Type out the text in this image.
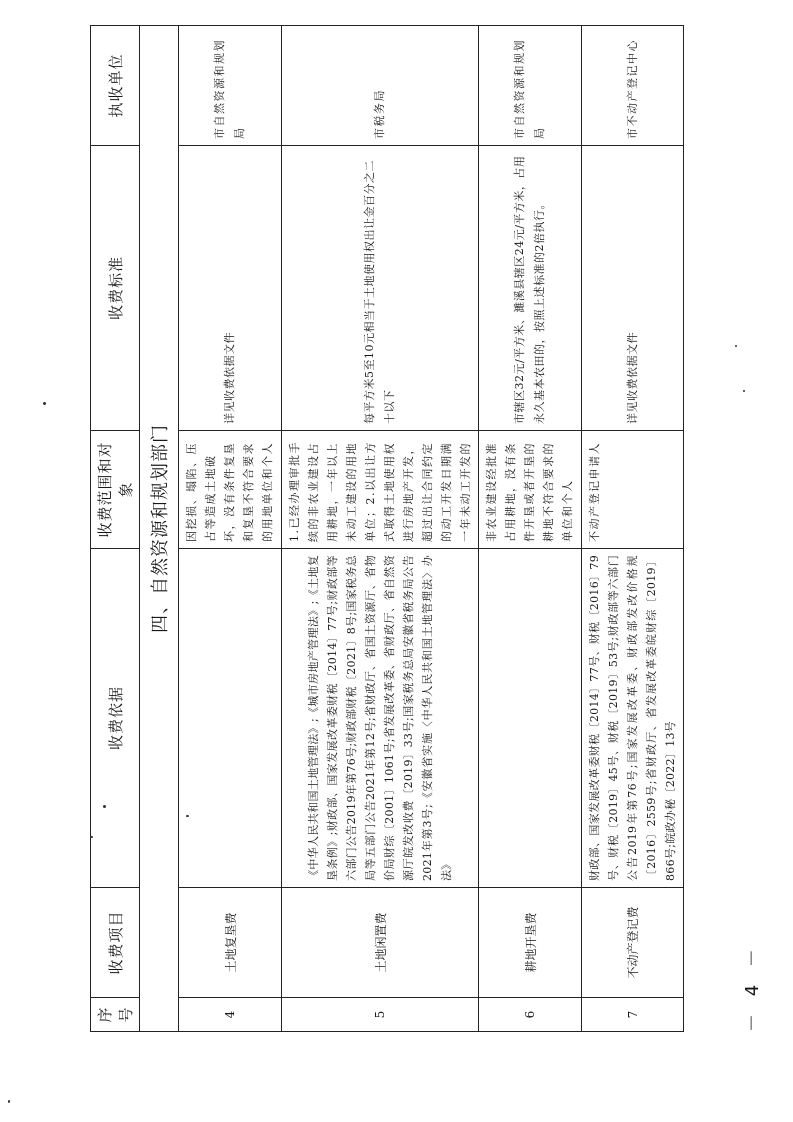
序号	收费项目	收费依据	收费范围和对象	收费标准	执收单位
四、自然资源和规划部门					
4	土地复垦费		因挖损、塌陷、压占等造成土地破坏，没有条件复垦和复垦不符合要求的用地单位和个人	详见收费依据文件	市自然资源和规划局
5	土地闲置费	《中华人民共和国土地管理法》;《城市房地产管理法》;《土地复垦条例》;财政部、国家发展改革委财税〔2014〕77号;财政部等六部门公告2019年第76号;财政部财税〔2021〕8号;国家税务总局等五部门公告2021年第12号;省财政厅、省国土资源厅、省物价局财综〔2001〕1061号;省发展改革委、省财政厅、省自然资源厅皖发改收费〔2019〕33号;国家税务总局安徽省税务局公告2021年第3号;《安徽省实施〈中华人民共和国土地管理法〉办法》	1.已经办理审批手续的非农业建设占用耕地，一年以上未动工建设的用地单位；2.以出让方式取得土地使用权进行房地产开发，超过出让合同约定的动工开发日期满一年未动工开发的	每平方米5至10元相当于土地使用权出让金百分之二十以下	市税务局
6	耕地开垦费		非农业建设经批准占用耕地，没有条件开垦或者开垦的耕地不符合要求的单位和个人	市辖区32元/平方米、濉溪县辖区24元/平方米，占用永久基本农田的，按照上述标准的2倍执行。	市自然资源和规划局
7	不动产登记费	财政部、国家发展改革委财税〔2014〕77号、财税〔2016〕79号、财税〔2019〕45号、财税〔2019〕53号;财政部等六部门公告2019年第76号;国家发展改革委、财政部发改价格规〔2016〕2559号;省财政厅、省发展改革委皖财综〔2019〕866号;皖政办秘〔2022〕13号	不动产登记申请人	详见收费依据文件	市不动产登记中心
－ 4 －
